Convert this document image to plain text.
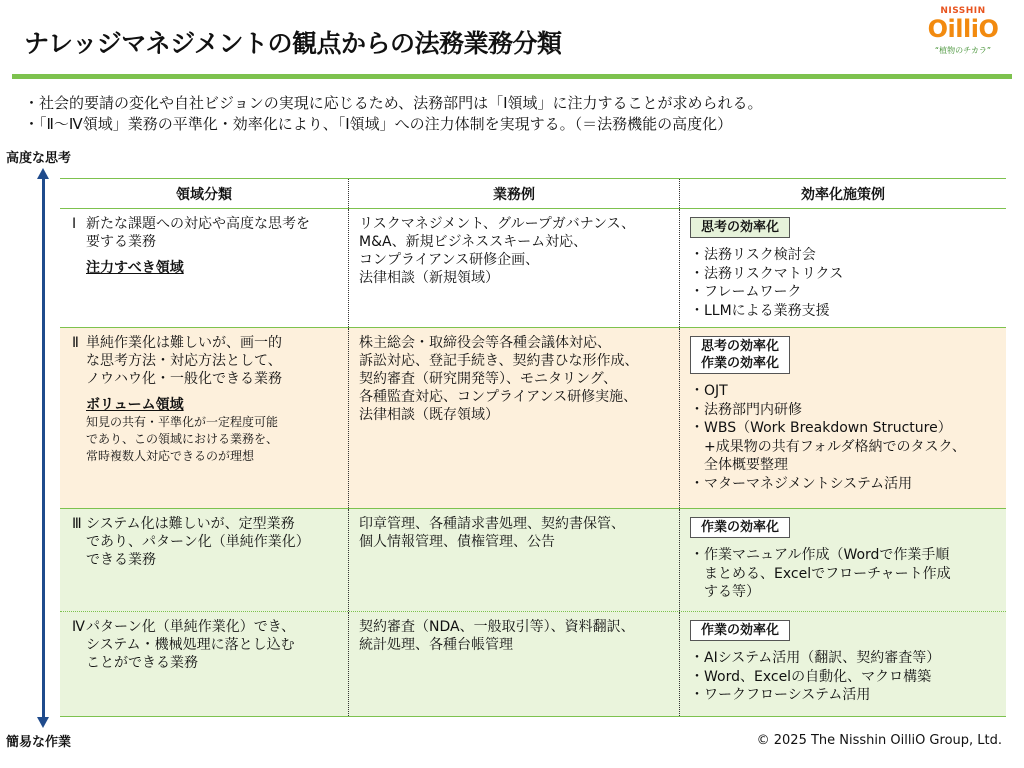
ナレッジマネジメントの観点からの法務業務分類
NISSHIN
OilliO
“植物のチカラ”
・社会的要請の変化や自社ビジョンの実現に応じるため、法務部門は「Ⅰ領域」に注力することが求められる。
・「Ⅱ～Ⅳ領域」業務の平準化・効率化により、「Ⅰ領域」への注力体制を実現する。（＝法務機能の高度化）
高度な思考
簡易な作業
領域分類	業務例	効率化施策例
Ⅰ 新たな課題への対応や高度な思考を
要する業務
注力すべき領域
リスクマネジメント、グループガバナンス、
M&A、新規ビジネススキーム対応、
コンプライアンス研修企画、
法律相談（新規領域）
思考の効率化
・法務リスク検討会
・法務リスクマトリクス
・フレームワーク
・LLMによる業務支援
Ⅱ 単純作業化は難しいが、画一的
な思考方法・対応方法として、
ノウハウ化・一般化できる業務
ボリューム領域
知見の共有・平準化が一定程度可能
であり、この領域における業務を、
常時複数人対応できるのが理想
株主総会・取締役会等各種会議体対応、
訴訟対応、登記手続き、契約書ひな形作成、
契約審査（研究開発等）、モニタリング、
各種監査対応、コンプライアンス研修実施、
法律相談（既存領域）
思考の効率化
作業の効率化
・OJT
・法務部門内研修
・WBS（Work Breakdown Structure）
　+成果物の共有フォルダ格納でのタスク、
　全体概要整理
・マターマネジメントシステム活用
Ⅲ システム化は難しいが、定型業務
であり、パターン化（単純作業化）
できる業務
印章管理、各種請求書処理、契約書保管、
個人情報管理、債権管理、公告
作業の効率化
・作業マニュアル作成（Wordで作業手順
　まとめる、Excelでフローチャート作成
　する等）
Ⅳ パターン化（単純作業化）でき、
システム・機械処理に落とし込む
ことができる業務
契約審査（NDA、一般取引等）、資料翻訳、
統計処理、各種台帳管理
作業の効率化
・AIシステム活用（翻訳、契約審査等）
・Word、Excelの自動化、マクロ構築
・ワークフローシステム活用
© 2025 The Nisshin OilliO Group, Ltd.
